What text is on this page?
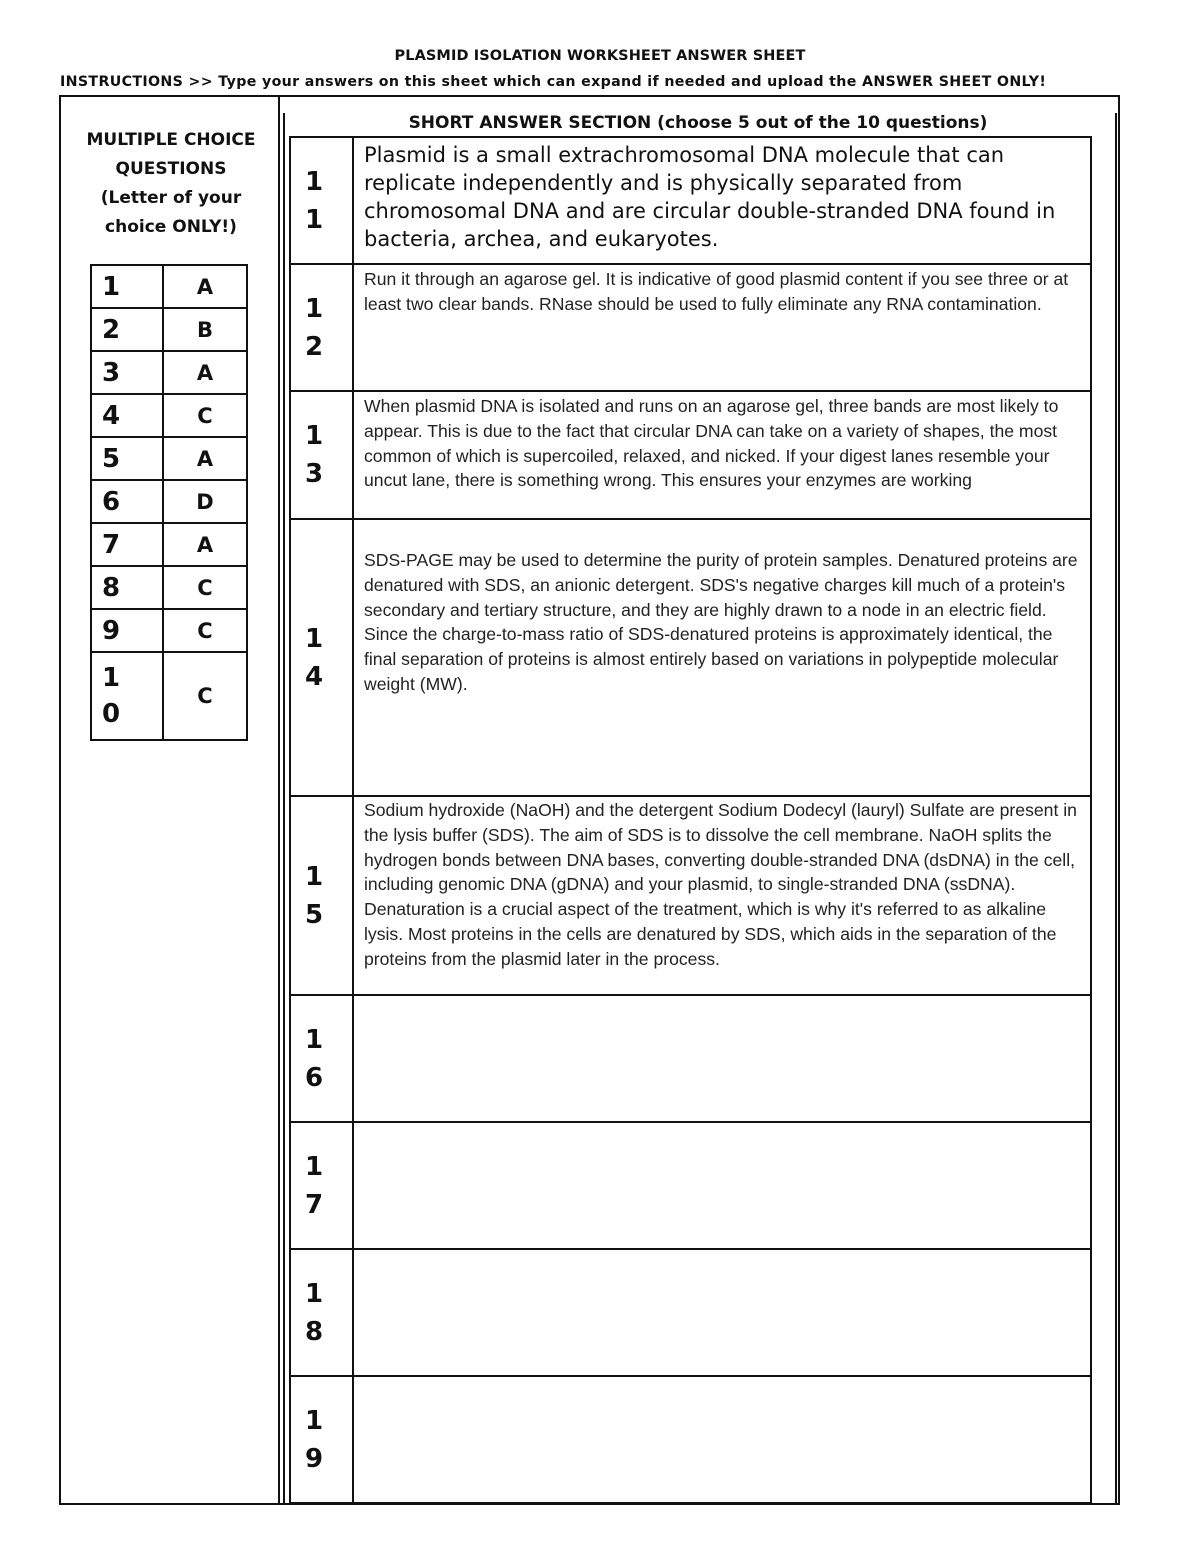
PLASMID ISOLATION WORKSHEET ANSWER SHEET
INSTRUCTIONS >> Type your answers on this sheet which can expand if needed and upload the ANSWER SHEET ONLY!
MULTIPLE CHOICE
QUESTIONS
(Letter of your
choice ONLY!)
1	A
2	B
3	A
4	C
5	A
6	D
7	A
8	C
9	C

1
0	C
SHORT ANSWER SECTION (choose 5 out of the 10 questions)
1
1	Plasmid is a small extrachromosomal DNA molecule that can replicate independently and is physically separated from chromosomal DNA and are circular double-stranded DNA found in bacteria, archea, and eukaryotes.

1
2	Run it through an agarose gel. It is indicative of good plasmid content if you see three or at least two clear bands. RNase should be used to fully eliminate any RNA contamination.

1
3	When plasmid DNA is isolated and runs on an agarose gel, three bands are most likely to appear. This is due to the fact that circular DNA can take on a variety of shapes, the most common of which is supercoiled, relaxed, and nicked. If your digest lanes resemble your uncut lane, there is something wrong. This ensures your enzymes are working

1
4	SDS-PAGE may be used to determine the purity of protein samples. Denatured proteins are denatured with SDS, an anionic detergent. SDS's negative charges kill much of a protein's secondary and tertiary structure, and they are highly drawn to a node in an electric field. Since the charge-to-mass ratio of SDS-denatured proteins is approximately identical, the final separation of proteins is almost entirely based on variations in polypeptide molecular weight (MW).

1
5	Sodium hydroxide (NaOH) and the detergent Sodium Dodecyl (lauryl) Sulfate are present in the lysis buffer (SDS). The aim of SDS is to dissolve the cell membrane. NaOH splits the hydrogen bonds between DNA bases, converting double-stranded DNA (dsDNA) in the cell, including genomic DNA (gDNA) and your plasmid, to single-stranded DNA (ssDNA). Denaturation is a crucial aspect of the treatment, which is why it's referred to as alkaline lysis. Most proteins in the cells are denatured by SDS, which aids in the separation of the proteins from the plasmid later in the process.

1
6	

1
7	

1
8	

1
9	
